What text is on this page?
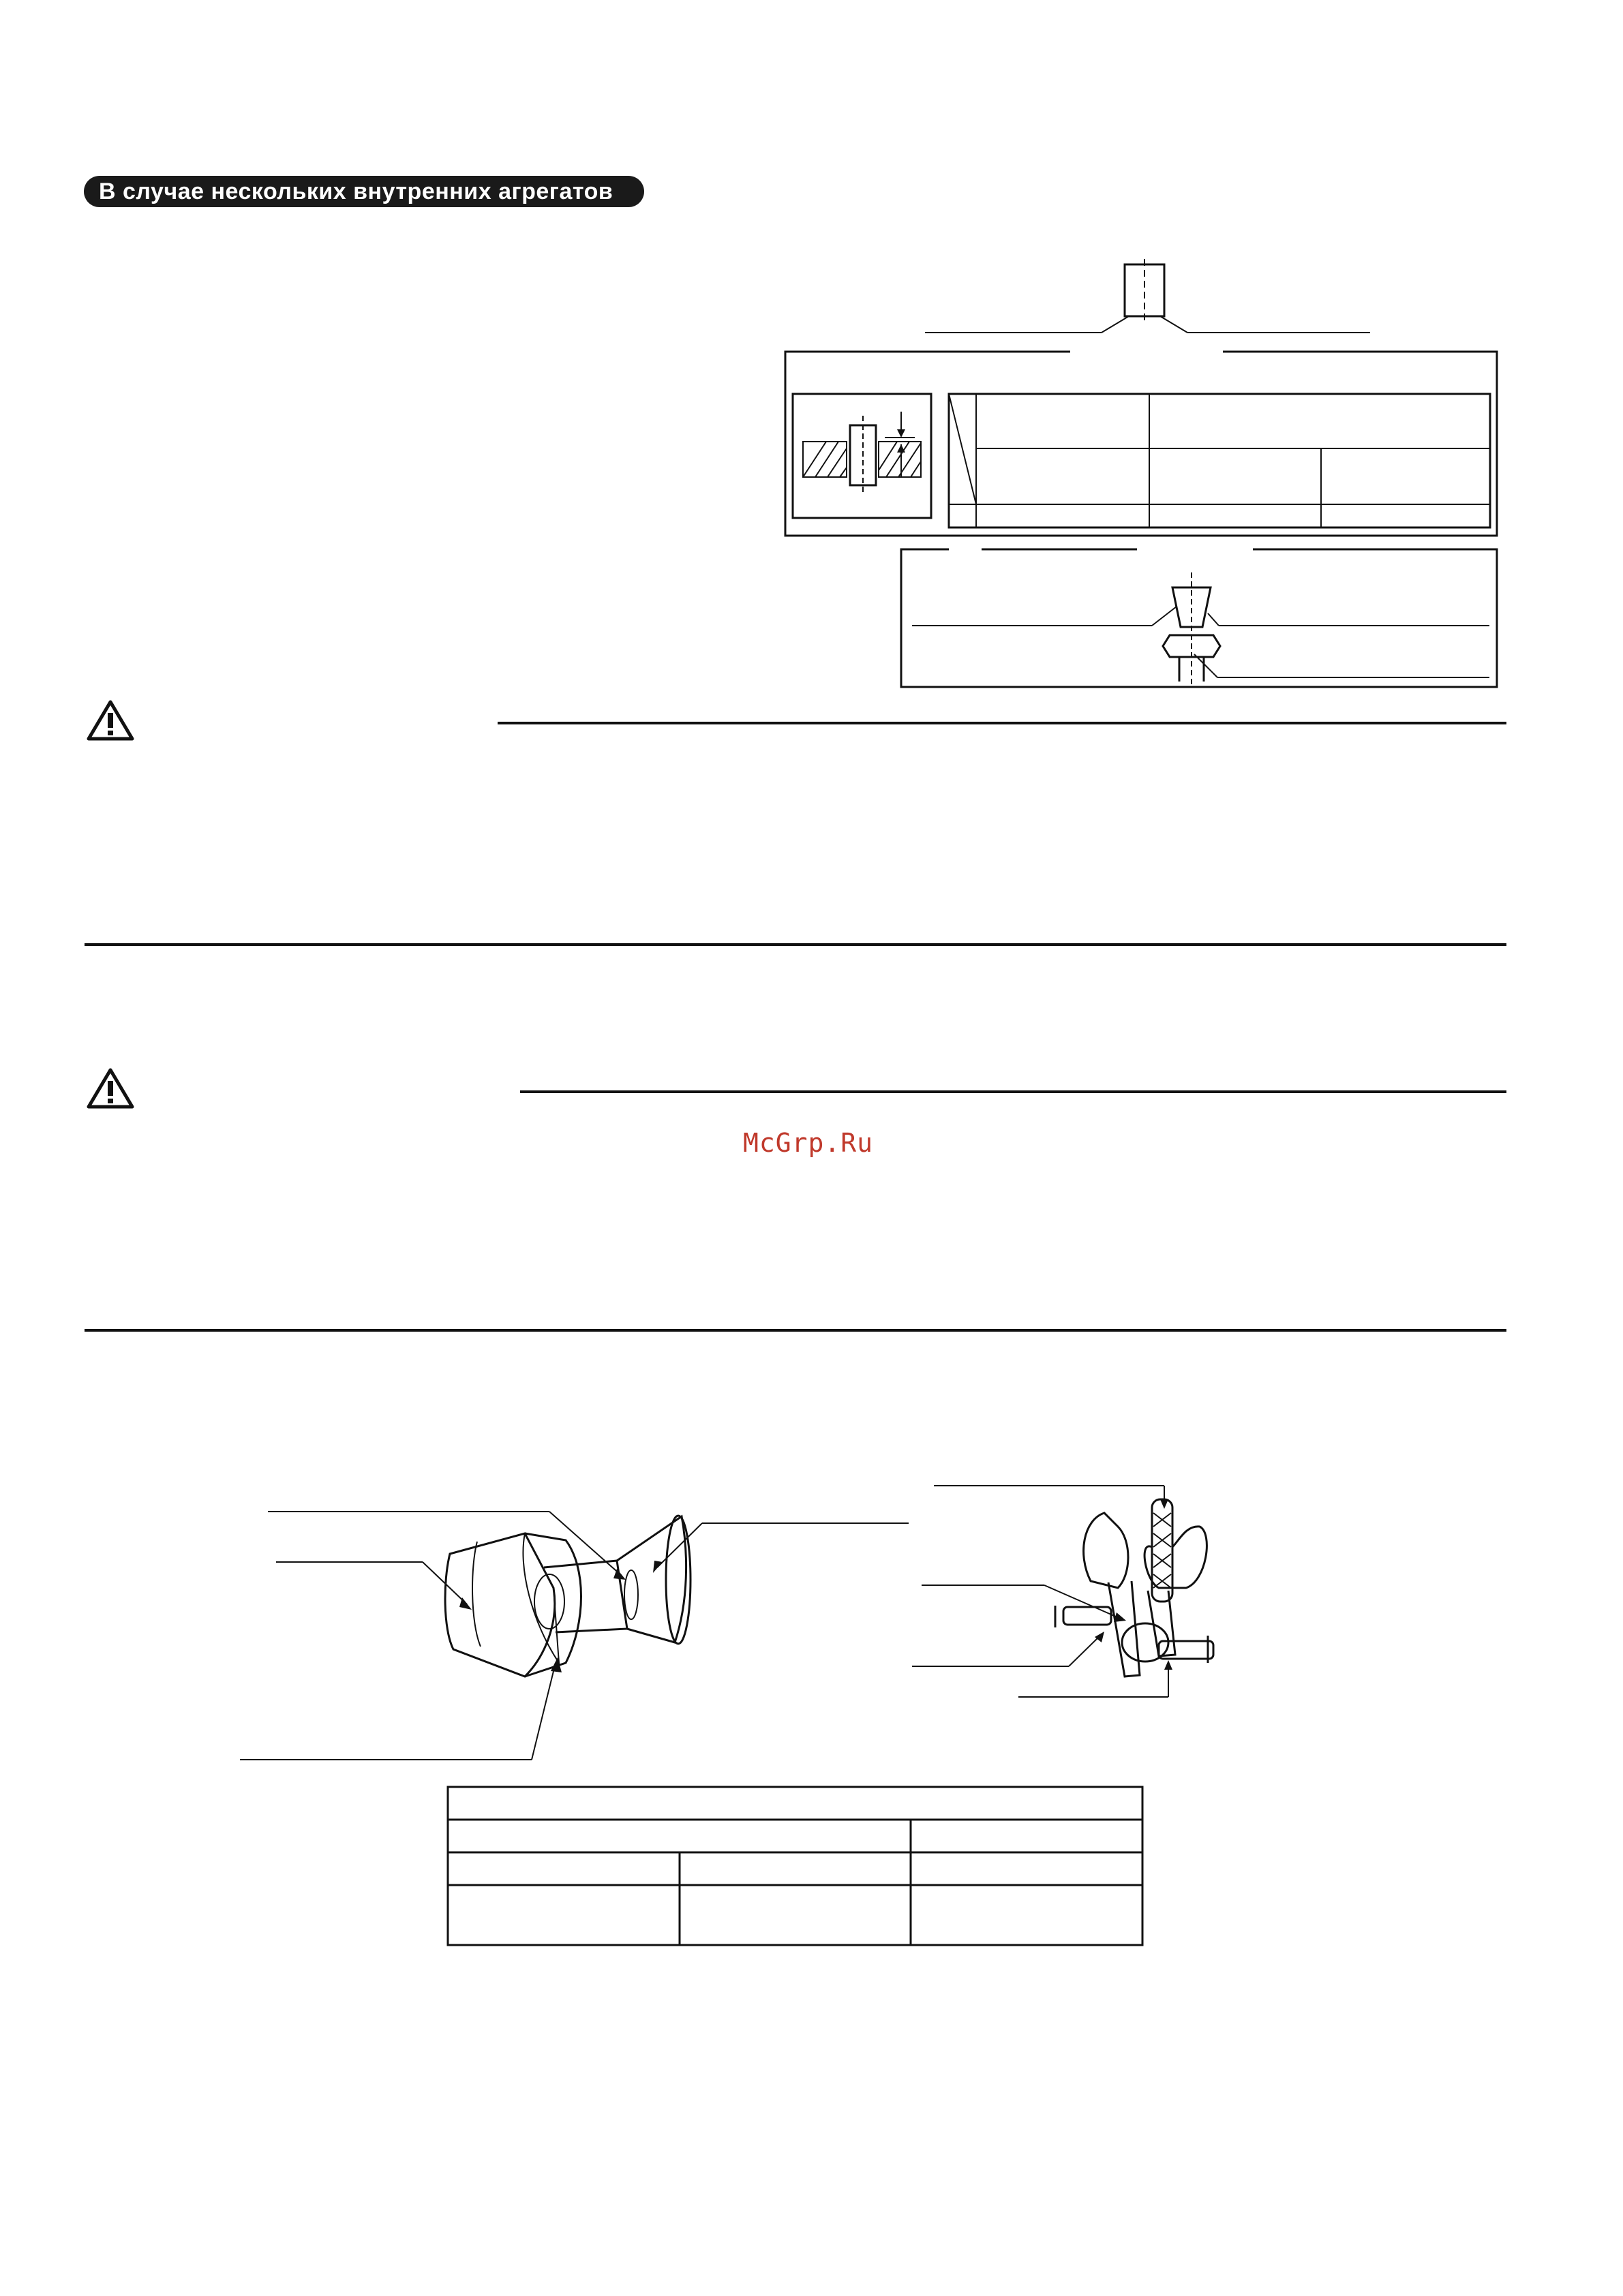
В случае нескольких внутренних агрегатов
McGrp.Ru
